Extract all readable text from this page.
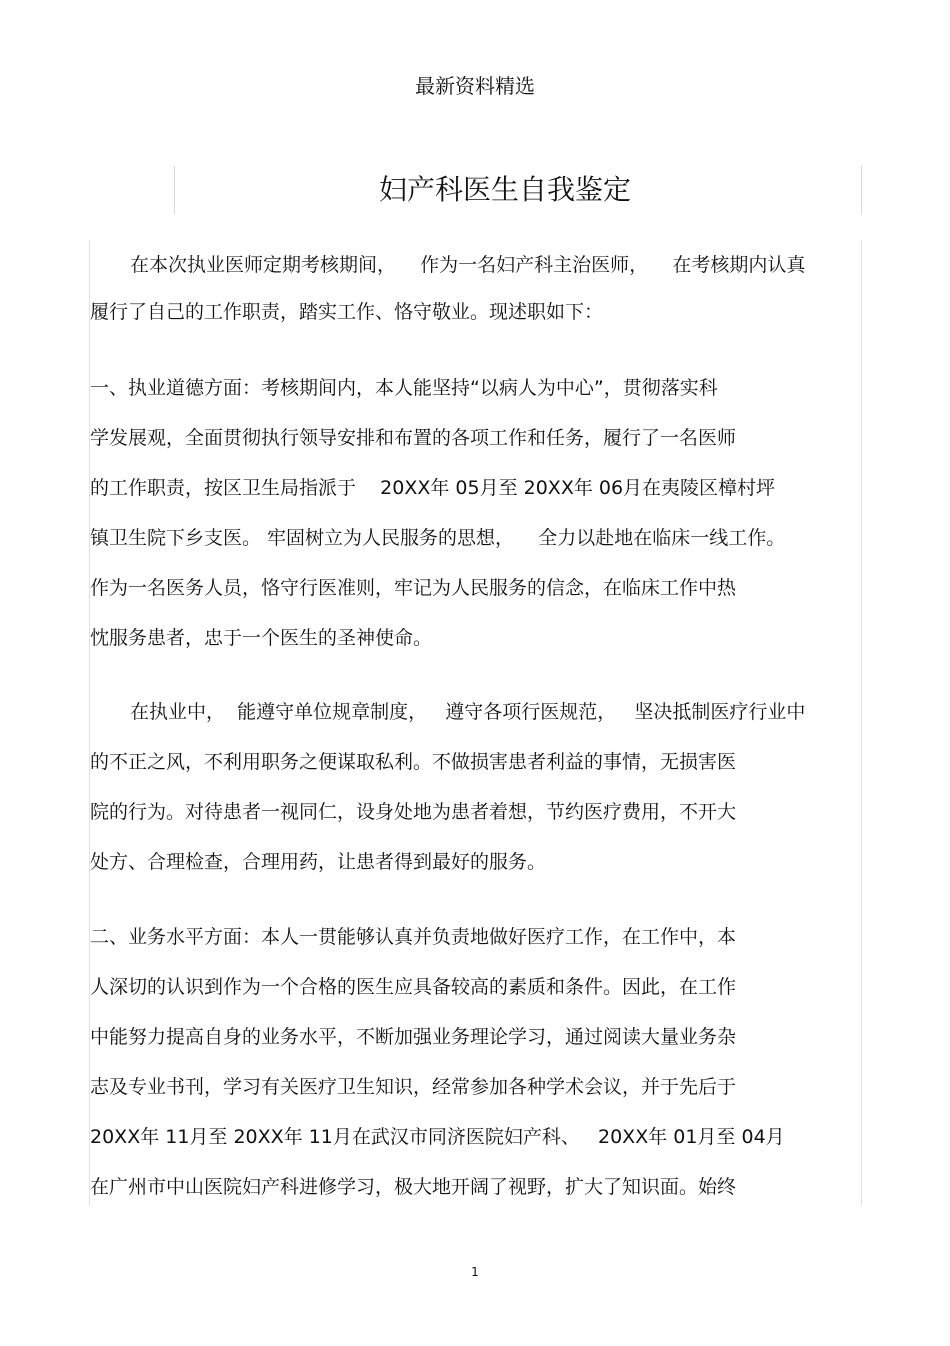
最新资料精选
妇产科医生自我鉴定
在本次执业医师定期考核期间，    作为一名妇产科主治医师，    在考核期内认真
履行了自己的工作职责，踏实工作、恪守敬业。现述职如下：
一、执业道德方面：考核期间内，本人能坚持“以病人为中心”，贯彻落实科
学发展观，全面贯彻执行领导安排和布置的各项工作和任务，履行了一名医师
的工作职责，按区卫生局指派于    20XX年 05月至 20XX年 06月在夷陵区樟村坪
镇卫生院下乡支医。 牢固树立为人民服务的思想，    全力以赴地在临床一线工作。
作为一名医务人员，恪守行医准则，牢记为人民服务的信念，在临床工作中热
忱服务患者，忠于一个医生的圣神使命。
在执业中，  能遵守单位规章制度，   遵守各项行医规范，   坚决抵制医疗行业中
的不正之风，不利用职务之便谋取私利。不做损害患者利益的事情，无损害医
院的行为。对待患者一视同仁，设身处地为患者着想，节约医疗费用，不开大
处方、合理检查，合理用药，让患者得到最好的服务。
二、业务水平方面：本人一贯能够认真并负责地做好医疗工作，在工作中，本
人深切的认识到作为一个合格的医生应具备较高的素质和条件。因此，在工作
中能努力提高自身的业务水平，不断加强业务理论学习，通过阅读大量业务杂
志及专业书刊，学习有关医疗卫生知识，经常参加各种学术会议，并于先后于
20XX年 11月至 20XX年 11月在武汉市同济医院妇产科、   20XX年 01月至 04月
在广州市中山医院妇产科进修学习，极大地开阔了视野，扩大了知识面。始终
1
